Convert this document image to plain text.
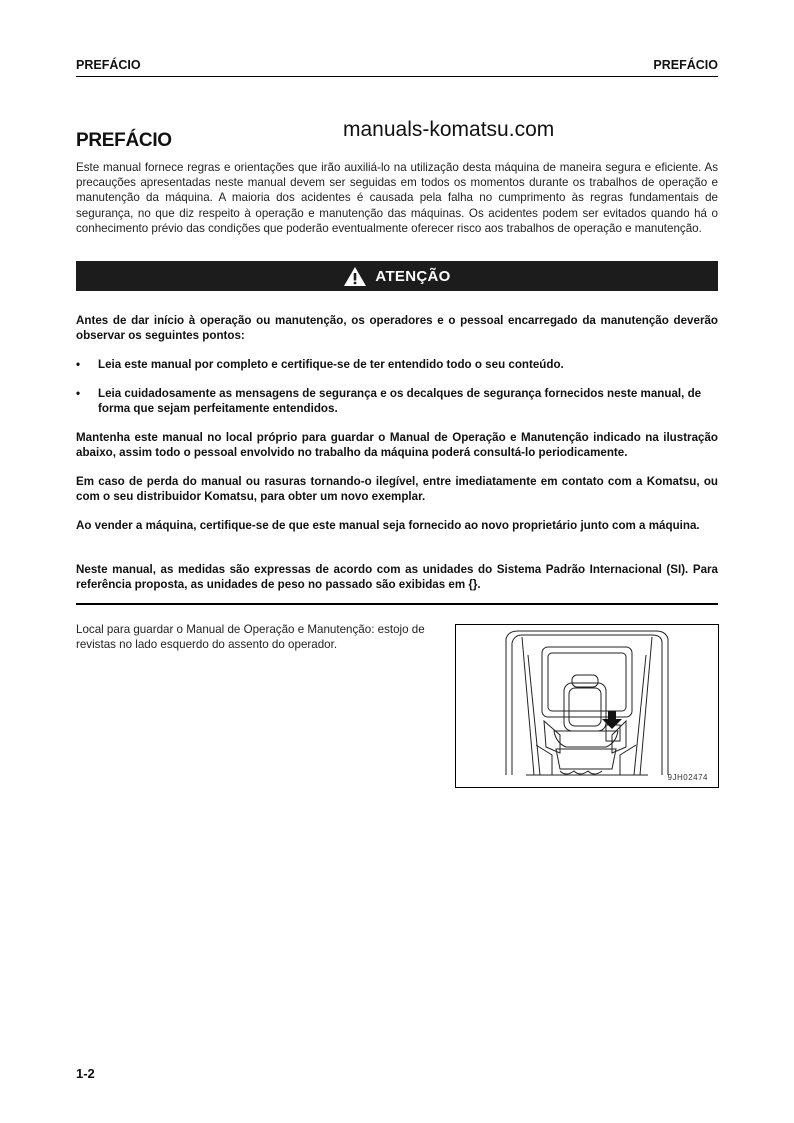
PREFÁCIO	PREFÁCIO
PREFÁCIO	manuals-komatsu.com
Este manual fornece regras e orientações que irão auxiliá-lo na utilização desta máquina de maneira segura e eficiente. As precauções apresentadas neste manual devem ser seguidas em todos os momentos durante os trabalhos de operação e manutenção da máquina. A maioria dos acidentes é causada pela falha no cumprimento às regras fundamentais de segurança, no que diz respeito à operação e manutenção das máquinas. Os acidentes podem ser evitados quando há o conhecimento prévio das condições que poderão eventualmente oferecer risco aos trabalhos de operação e manutenção.
ATENÇÃO
Antes de dar início à operação ou manutenção, os operadores e o pessoal encarregado da manutenção deverão observar os seguintes pontos:
• Leia este manual por completo e certifique-se de ter entendido todo o seu conteúdo.
• Leia cuidadosamente as mensagens de segurança e os decalques de segurança fornecidos neste manual, de forma que sejam perfeitamente entendidos.
Mantenha este manual no local próprio para guardar o Manual de Operação e Manutenção indicado na ilustração abaixo, assim todo o pessoal envolvido no trabalho da máquina poderá consultá-lo periodicamente.
Em caso de perda do manual ou rasuras tornando-o ilegível, entre imediatamente em contato com a Komatsu, ou com o seu distribuidor Komatsu, para obter um novo exemplar.
Ao vender a máquina, certifique-se de que este manual seja fornecido ao novo proprietário junto com a máquina.
Neste manual, as medidas são expressas de acordo com as unidades do Sistema Padrão Internacional (SI). Para referência proposta, as unidades de peso no passado são exibidas em {}.
Local para guardar o Manual de Operação e Manutenção: estojo de revistas no lado esquerdo do assento do operador.
9JH02474
1-2
